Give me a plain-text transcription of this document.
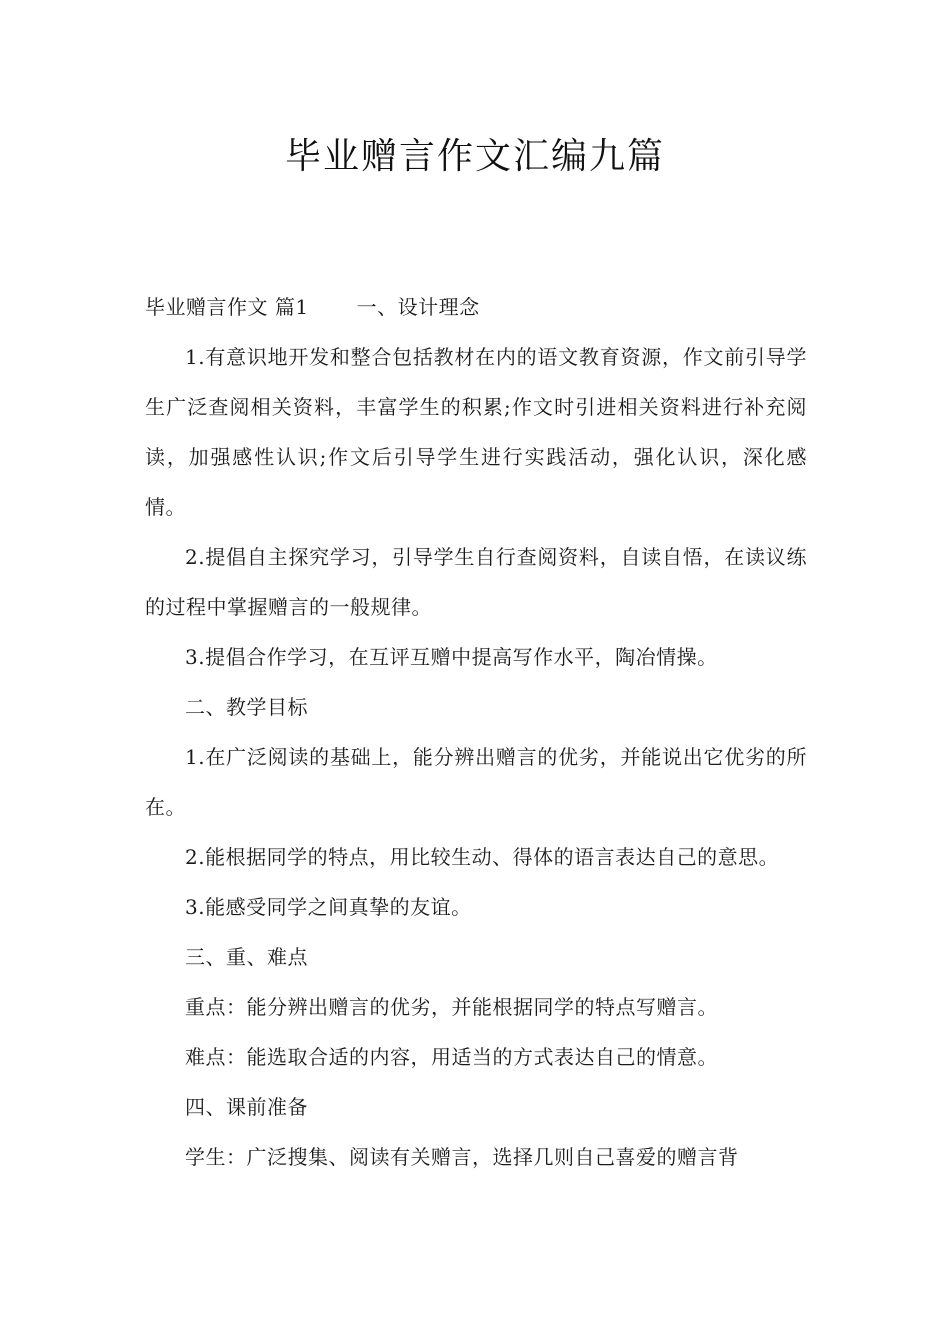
毕业赠言作文汇编九篇

毕业赠言作文 篇1 一、设计理念

1.有意识地开发和整合包括教材在内的语文教育资源，作文前引导学生广泛查阅相关资料，丰富学生的积累;作文时引进相关资料进行补充阅读，加强感性认识;作文后引导学生进行实践活动，强化认识，深化感情。

2.提倡自主探究学习，引导学生自行查阅资料，自读自悟，在读议练的过程中掌握赠言的一般规律。

3.提倡合作学习，在互评互赠中提高写作水平，陶冶情操。

二、教学目标

1.在广泛阅读的基础上，能分辨出赠言的优劣，并能说出它优劣的所在。

2.能根据同学的特点，用比较生动、得体的语言表达自己的意思。

3.能感受同学之间真挚的友谊。

三、重、难点

重点：能分辨出赠言的优劣，并能根据同学的特点写赠言。

难点：能选取合适的内容，用适当的方式表达自己的情意。

四、课前准备

学生：广泛搜集、阅读有关赠言，选择几则自己喜爱的赠言背
